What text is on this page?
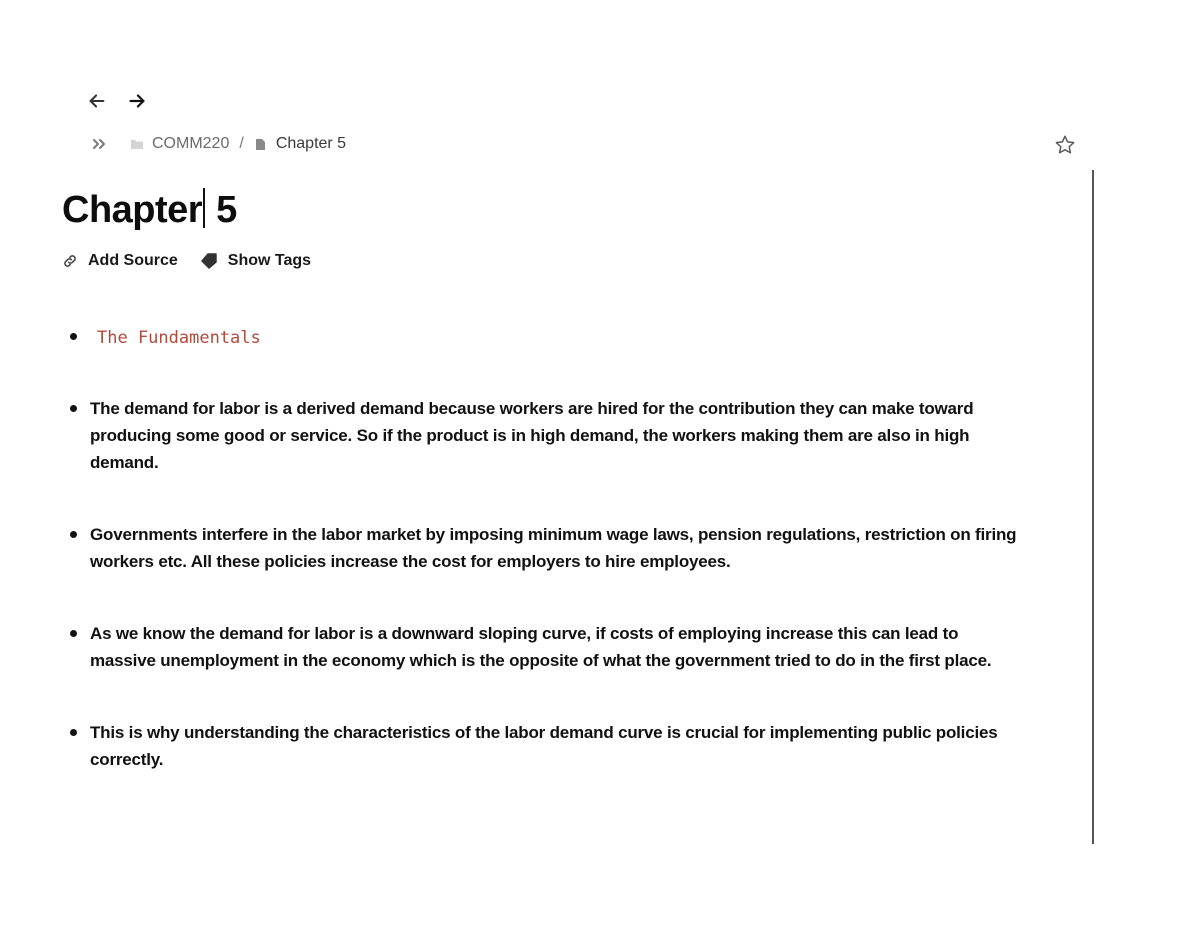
COMM220 / Chapter 5
Chapter 5
Add Source	Show Tags
The Fundamentals
The demand for labor is a derived demand because workers are hired for the contribution they can make toward producing some good or service. So if the product is in high demand, the workers making them are also in high demand.
Governments interfere in the labor market by imposing minimum wage laws, pension regulations, restriction on firing workers etc. All these policies increase the cost for employers to hire employees.
As we know the demand for labor is a downward sloping curve, if costs of employing increase this can lead to massive unemployment in the economy which is the opposite of what the government tried to do in the first place.
This is why understanding the characteristics of the labor demand curve is crucial for implementing public policies correctly.
